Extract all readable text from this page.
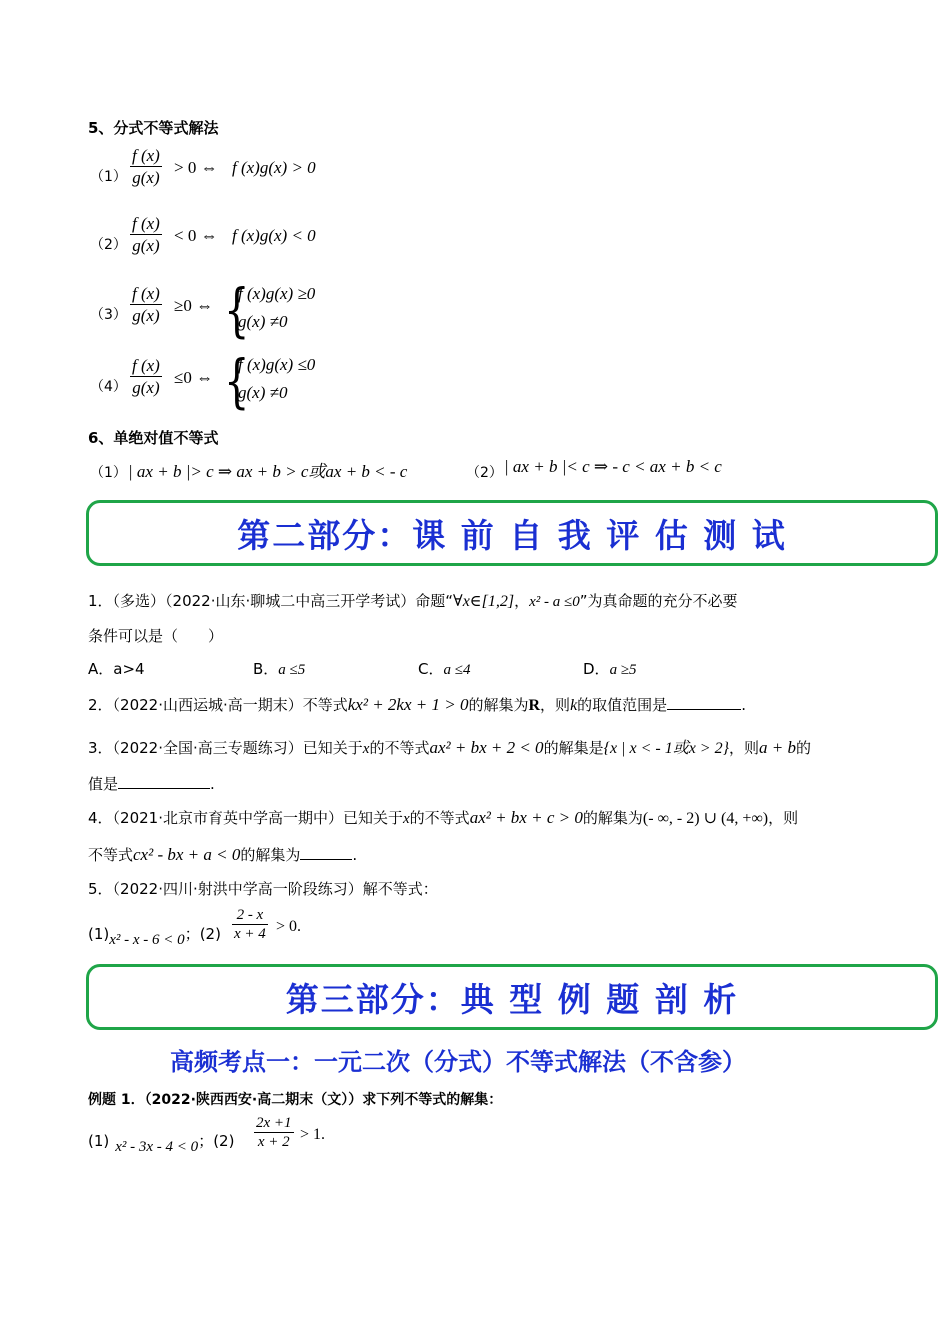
5、分式不等式解法
（1）
f (x)
g(x)
> 0 ⇔ f (x)g(x) > 0
（2）
f (x)
g(x)
< 0 ⇔ f (x)g(x) < 0
（3）
f (x)
g(x)
≥0 ⇔ {
f (x)g(x) ≥0
g(x) ≠0
（4）
f (x)
g(x)
≤0 ⇔ {
f (x)g(x) ≤0
g(x) ≠0
6、单绝对值不等式
（1） | ax + b |> c ⇒ ax + b > c或ax + b < - c	（2） | ax + b |< c ⇒ - c < ax + b < c
第二部分：课 前 自 我 评 估 测 试
1．（多选）（2022·山东·聊城二中高三开学考试）命题“∀x∈[1,2]，x² - a ≤0”为真命题的充分不必要
条件可以是（　　）
A．a>4	B．a ≤5	C．a ≤4	D．a ≥5
2．（2022·山西运城·高一期末）不等式kx² + 2kx + 1 > 0的解集为R，则k的取值范围是	.
3．（2022·全国·高三专题练习）已知关于x的不等式ax² + bx + 2 < 0的解集是{x | x < - 1或x > 2}，则a + b的
值是	.
4．（2021·北京市育英中学高一期中）已知关于x的不等式ax² + bx + c > 0的解集为(- ∞, - 2) ∪ (4, +∞)，则
不等式cx² - bx + a < 0的解集为	.
5．（2022·四川·射洪中学高一阶段练习）解不等式：
(1)x² - x - 6 < 0；(2)
2 - x
x + 4 > 0.
第三部分：典 型 例 题 剖 析
高频考点一：一元二次（分式）不等式解法（不含参）
例题 1．（2022·陕西西安·高二期末（文））求下列不等式的解集：
(1) x² - 3x - 4 < 0；(2)
2x +1
x + 2 > 1.
